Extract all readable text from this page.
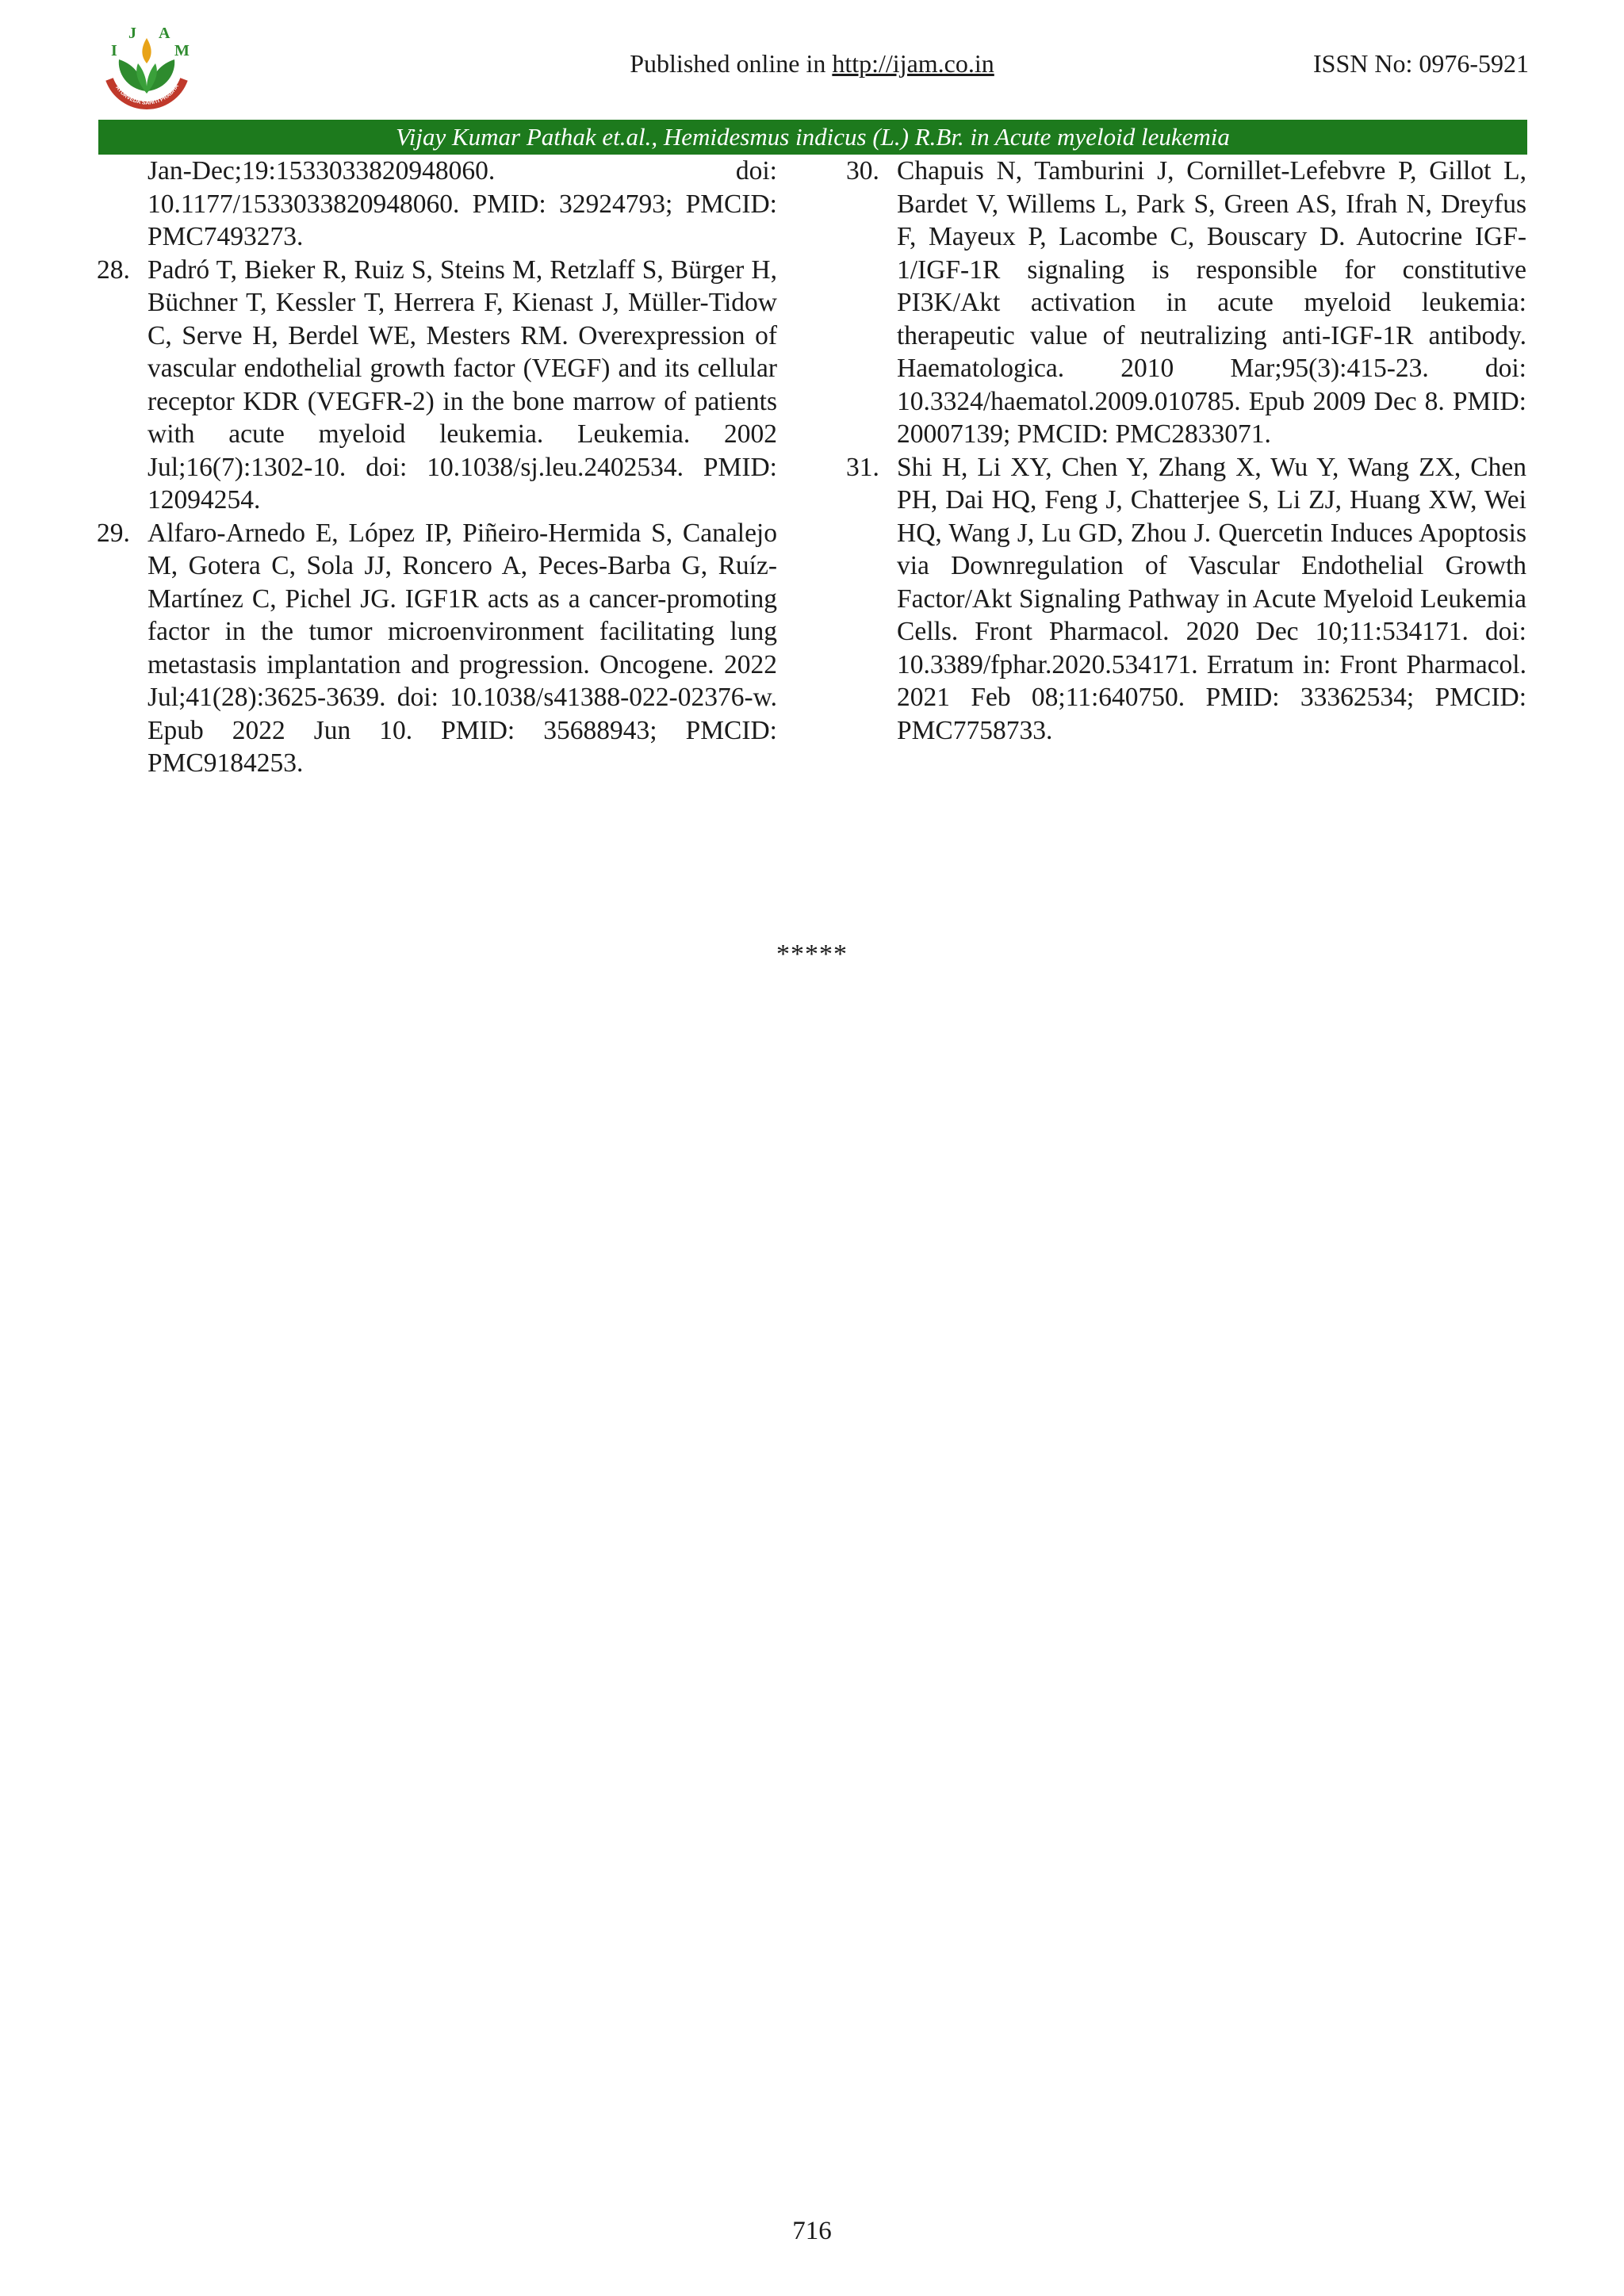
I
J A
M
AYURVEDA SAHITI PRABHA
Published online in http://ijam.co.in	ISSN No: 0976-5921
Vijay Kumar Pathak et.al., Hemidesmus indicus (L.) R.Br. in Acute myeloid leukemia
Jan-Dec;19:1533033820948060. doi: 10.1177/1533033820948060. PMID: 32924793; PMCID: PMC7493273.
28. Padró T, Bieker R, Ruiz S, Steins M, Retzlaff S, Bürger H, Büchner T, Kessler T, Herrera F, Kienast J, Müller-Tidow C, Serve H, Berdel WE, Mesters RM. Overexpression of vascular endothelial growth factor (VEGF) and its cellular receptor KDR (VEGFR-2) in the bone marrow of patients with acute myeloid leukemia. Leukemia. 2002 Jul;16(7):1302-10. doi: 10.1038/sj.leu.2402534. PMID: 12094254.
29. Alfaro-Arnedo E, López IP, Piñeiro-Hermida S, Canalejo M, Gotera C, Sola JJ, Roncero A, Peces-Barba G, Ruíz-Martínez C, Pichel JG. IGF1R acts as a cancer-promoting factor in the tumor microenvironment facilitating lung metastasis implantation and progression. Oncogene. 2022 Jul;41(28):3625-3639. doi: 10.1038/s41388-022-02376-w. Epub 2022 Jun 10. PMID: 35688943; PMCID: PMC9184253.
30. Chapuis N, Tamburini J, Cornillet-Lefebvre P, Gillot L, Bardet V, Willems L, Park S, Green AS, Ifrah N, Dreyfus F, Mayeux P, Lacombe C, Bouscary D. Autocrine IGF-1/IGF-1R signaling is responsible for constitutive PI3K/Akt activation in acute myeloid leukemia: therapeutic value of neutralizing anti-IGF-1R antibody. Haematologica. 2010 Mar;95(3):415-23. doi: 10.3324/haematol.2009.010785. Epub 2009 Dec 8. PMID: 20007139; PMCID: PMC2833071.
31. Shi H, Li XY, Chen Y, Zhang X, Wu Y, Wang ZX, Chen PH, Dai HQ, Feng J, Chatterjee S, Li ZJ, Huang XW, Wei HQ, Wang J, Lu GD, Zhou J. Quercetin Induces Apoptosis via Downregulation of Vascular Endothelial Growth Factor/Akt Signaling Pathway in Acute Myeloid Leukemia Cells. Front Pharmacol. 2020 Dec 10;11:534171. doi: 10.3389/fphar.2020.534171. Erratum in: Front Pharmacol. 2021 Feb 08;11:640750. PMID: 33362534; PMCID: PMC7758733.
*****
716
